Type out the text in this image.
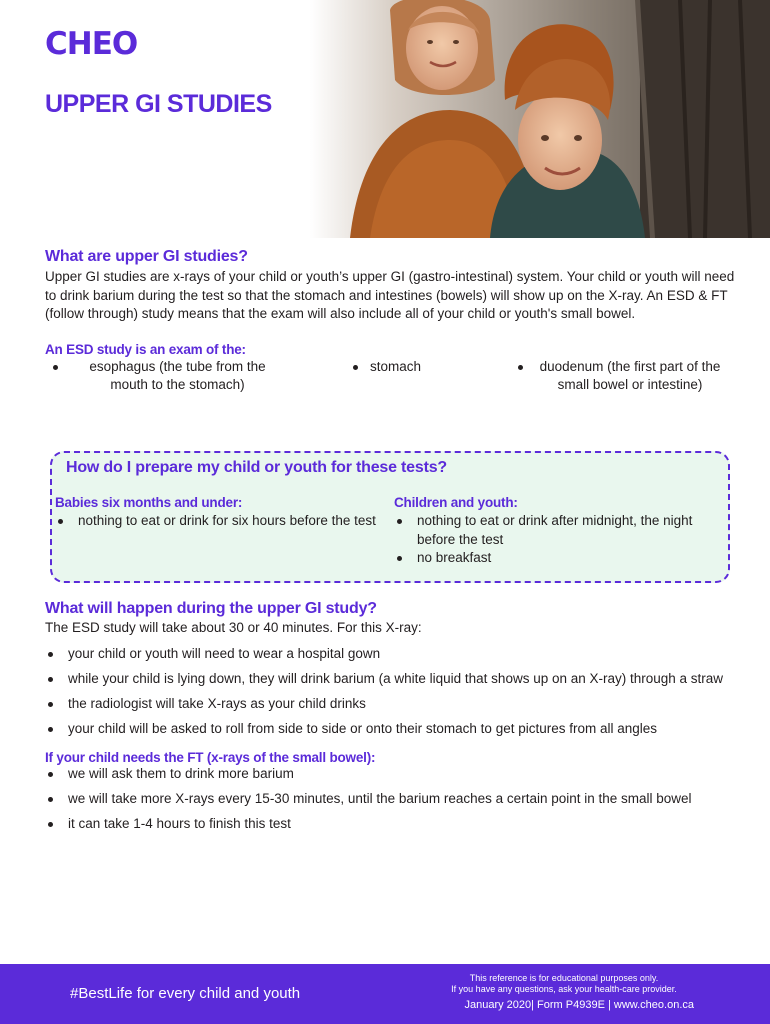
CHEO
UPPER GI STUDIES
What are upper GI studies?

Upper GI studies are x-rays of your child or youth’s upper GI (gastro-intestinal) system. Your child or youth will need to drink barium during the test so that the stomach and intestines (bowels) will show up on the X-ray. An ESD & FT (follow through) study means that the exam will also include all of your child or youth's small bowel.

An ESD study is an exam of the:
esophagus (the tube from the mouth to the stomach)
stomach	duodenum (the first part of the small bowel or intestine)
How do I prepare my child or youth for these tests?
Babies six months and under:
nothing to eat or drink for six hours before the test
Children and youth:
nothing to eat or drink after midnight, the night before the test
no breakfast
What will happen during the upper GI study?

The ESD study will take about 30 or 40 minutes. For this X-ray:

your child or youth will need to wear a hospital gown
while your child is lying down, they will drink barium (a white liquid that shows up on an X-ray) through a straw
the radiologist will take X-rays as your child drinks
your child will be asked to roll from side to side or onto their stomach to get pictures from all angles
If your child needs the FT (x-rays of the small bowel):
we will ask them to drink more barium
we will take more X-rays every 15-30 minutes, until the barium reaches a certain point in the small bowel
it can take 1-4 hours to finish this test
#BestLife for every child and youth
This reference is for educational purposes only.
If you have any questions, ask your health-care provider.
January 2020| Form P4939E | www.cheo.on.ca
